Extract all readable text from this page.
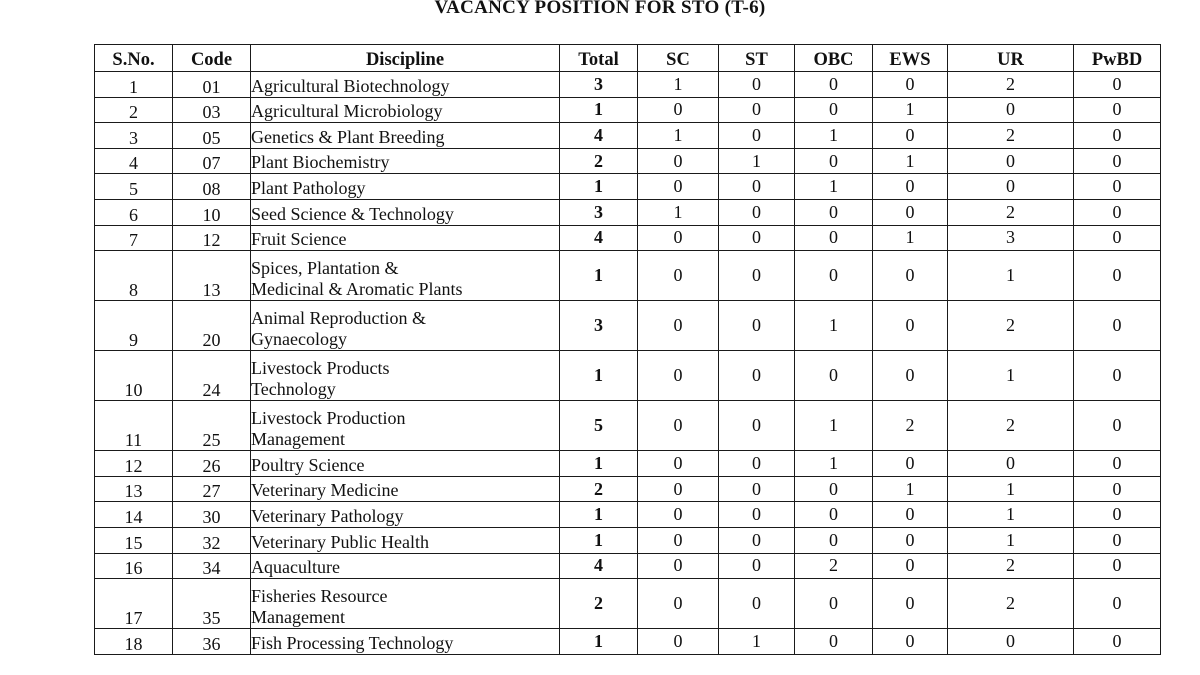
VACANCY POSITION FOR STO (T-6)
S.No.	Code	Discipline	Total	SC	ST	OBC	EWS	UR	PwBD
1	01	Agricultural Biotechnology	3	1	0	0	0	2	0
2	03	Agricultural Microbiology	1	0	0	0	1	0	0
3	05	Genetics & Plant Breeding	4	1	0	1	0	2	0
4	07	Plant Biochemistry	2	0	1	0	1	0	0
5	08	Plant Pathology	1	0	0	1	0	0	0
6	10	Seed Science & Technology	3	1	0	0	0	2	0
7	12	Fruit Science	4	0	0	0	1	3	0
8	13	Spices, Plantation &
Medicinal & Aromatic Plants	1	0	0	0	0	1	0
9	20	Animal Reproduction &
Gynaecology	3	0	0	1	0	2	0
10	24	Livestock Products
Technology	1	0	0	0	0	1	0
11	25	Livestock Production
Management	5	0	0	1	2	2	0
12	26	Poultry Science	1	0	0	1	0	0	0
13	27	Veterinary Medicine	2	0	0	0	1	1	0
14	30	Veterinary Pathology	1	0	0	0	0	1	0
15	32	Veterinary Public Health	1	0	0	0	0	1	0
16	34	Aquaculture	4	0	0	2	0	2	0
17	35	Fisheries Resource
Management	2	0	0	0	0	2	0
18	36	Fish Processing Technology	1	0	1	0	0	0	0
